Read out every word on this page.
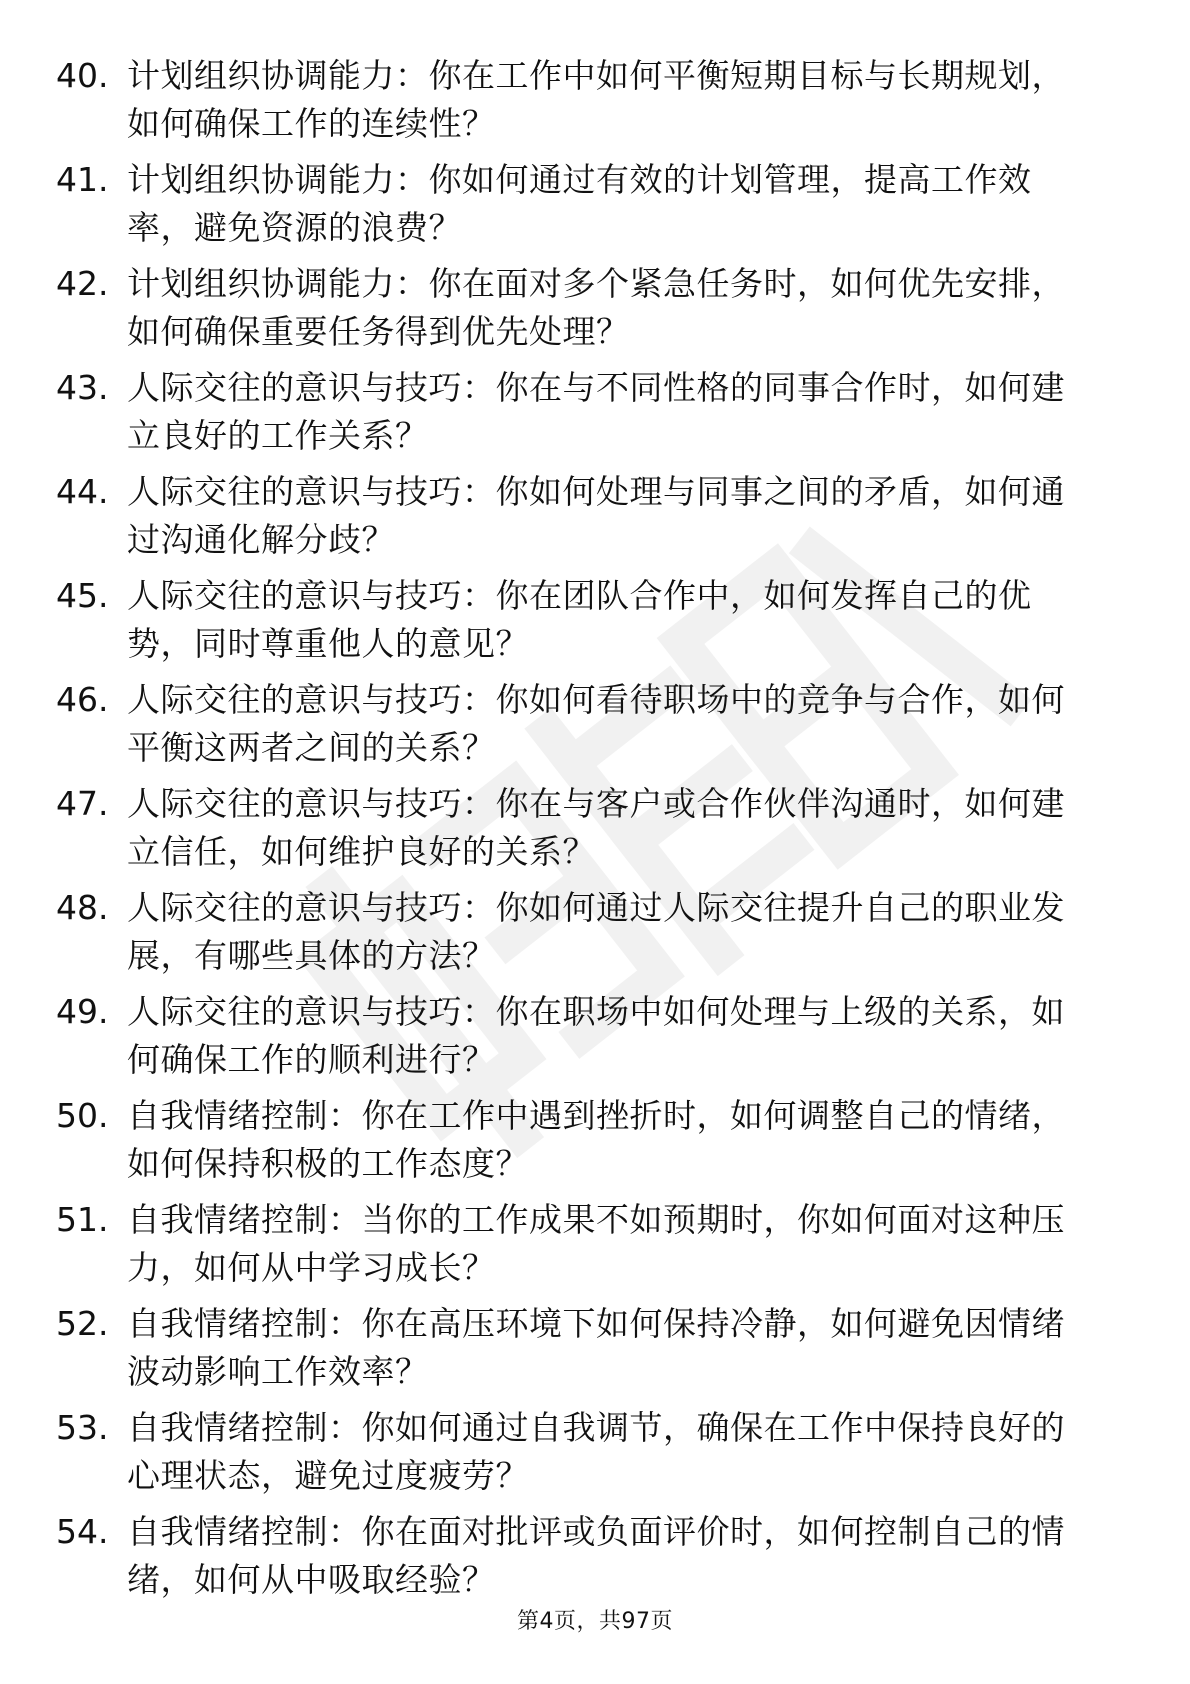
40. 计划组织协调能力：你在工作中如何平衡短期目标与长期规划，
如何确保工作的连续性？
41. 计划组织协调能力：你如何通过有效的计划管理，提高工作效
率，避免资源的浪费？
42. 计划组织协调能力：你在面对多个紧急任务时，如何优先安排，
如何确保重要任务得到优先处理？
43. 人际交往的意识与技巧：你在与不同性格的同事合作时，如何建
立良好的工作关系？
44. 人际交往的意识与技巧：你如何处理与同事之间的矛盾，如何通
过沟通化解分歧？
45. 人际交往的意识与技巧：你在团队合作中，如何发挥自己的优
势，同时尊重他人的意见？
46. 人际交往的意识与技巧：你如何看待职场中的竞争与合作，如何
平衡这两者之间的关系？
47. 人际交往的意识与技巧：你在与客户或合作伙伴沟通时，如何建
立信任，如何维护良好的关系？
48. 人际交往的意识与技巧：你如何通过人际交往提升自己的职业发
展，有哪些具体的方法？
49. 人际交往的意识与技巧：你在职场中如何处理与上级的关系，如
何确保工作的顺利进行？
50. 自我情绪控制：你在工作中遇到挫折时，如何调整自己的情绪，
如何保持积极的工作态度？
51. 自我情绪控制：当你的工作成果不如预期时，你如何面对这种压
力，如何从中学习成长？
52. 自我情绪控制：你在高压环境下如何保持冷静，如何避免因情绪
波动影响工作效率？
53. 自我情绪控制：你如何通过自我调节，确保在工作中保持良好的
心理状态，避免过度疲劳？
54. 自我情绪控制：你在面对批评或负面评价时，如何控制自己的情
绪，如何从中吸取经验？
第4页，共97页
